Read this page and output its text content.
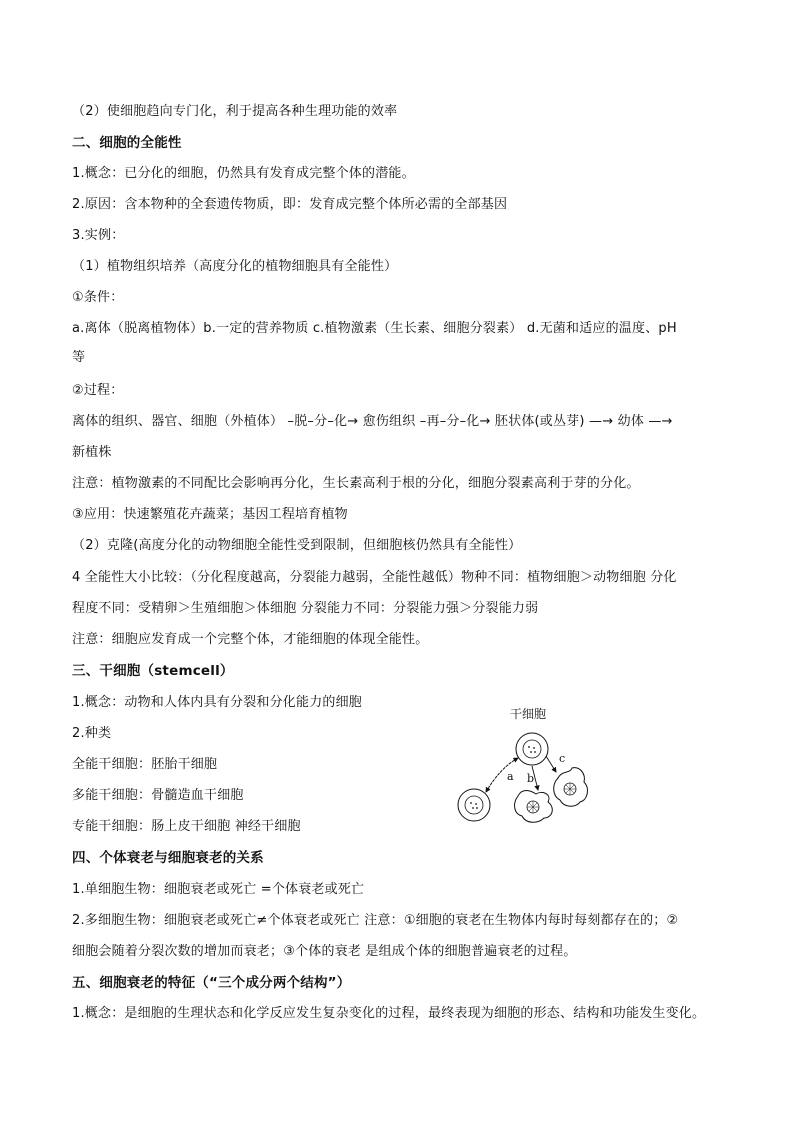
（2）使细胞趋向专门化，利于提高各种生理功能的效率
二、细胞的全能性
1.概念：已分化的细胞，仍然具有发育成完整个体的潜能。
2.原因：含本物种的全套遗传物质，即：发育成完整个体所必需的全部基因
3.实例：
（1）植物组织培养（高度分化的植物细胞具有全能性）
①条件：
a.离体（脱离植物体）b.一定的营养物质 c.植物激素（生长素、细胞分裂素） d.无菌和适应的温度、pH
等
②过程：
离体的组织、器官、细胞（外植体） –脱–分–化→ 愈伤组织 –再–分–化→ 胚状体(或丛芽) —→ 幼体 —→
新植株
注意：植物激素的不同配比会影响再分化，生长素高利于根的分化，细胞分裂素高利于芽的分化。
③应用：快速繁殖花卉蔬菜；基因工程培育植物
（2）克隆(高度分化的动物细胞全能性受到限制，但细胞核仍然具有全能性）
4 全能性大小比较：（分化程度越高，分裂能力越弱，全能性越低）物种不同：植物细胞＞动物细胞 分化
程度不同：受精卵＞生殖细胞＞体细胞 分裂能力不同：分裂能力强＞分裂能力弱
注意：细胞应发育成一个完整个体，才能细胞的体现全能性。
三、干细胞（stemcell）
1.概念：动物和人体内具有分裂和分化能力的细胞
2.种类
全能干细胞：胚胎干细胞
多能干细胞：骨髓造血干细胞
专能干细胞：肠上皮干细胞 神经干细胞
四、个体衰老与细胞衰老的关系
1.单细胞生物：细胞衰老或死亡 =个体衰老或死亡
2.多细胞生物：细胞衰老或死亡≠个体衰老或死亡 注意：①细胞的衰老在生物体内每时每刻都存在的；②
细胞会随着分裂次数的增加而衰老；③个体的衰老 是组成个体的细胞普遍衰老的过程。
五、细胞衰老的特征（“三个成分两个结构”）
1.概念：是细胞的生理状态和化学反应发生复杂变化的过程，最终表现为细胞的形态、结构和功能发生变化。
干细胞
a b
c
